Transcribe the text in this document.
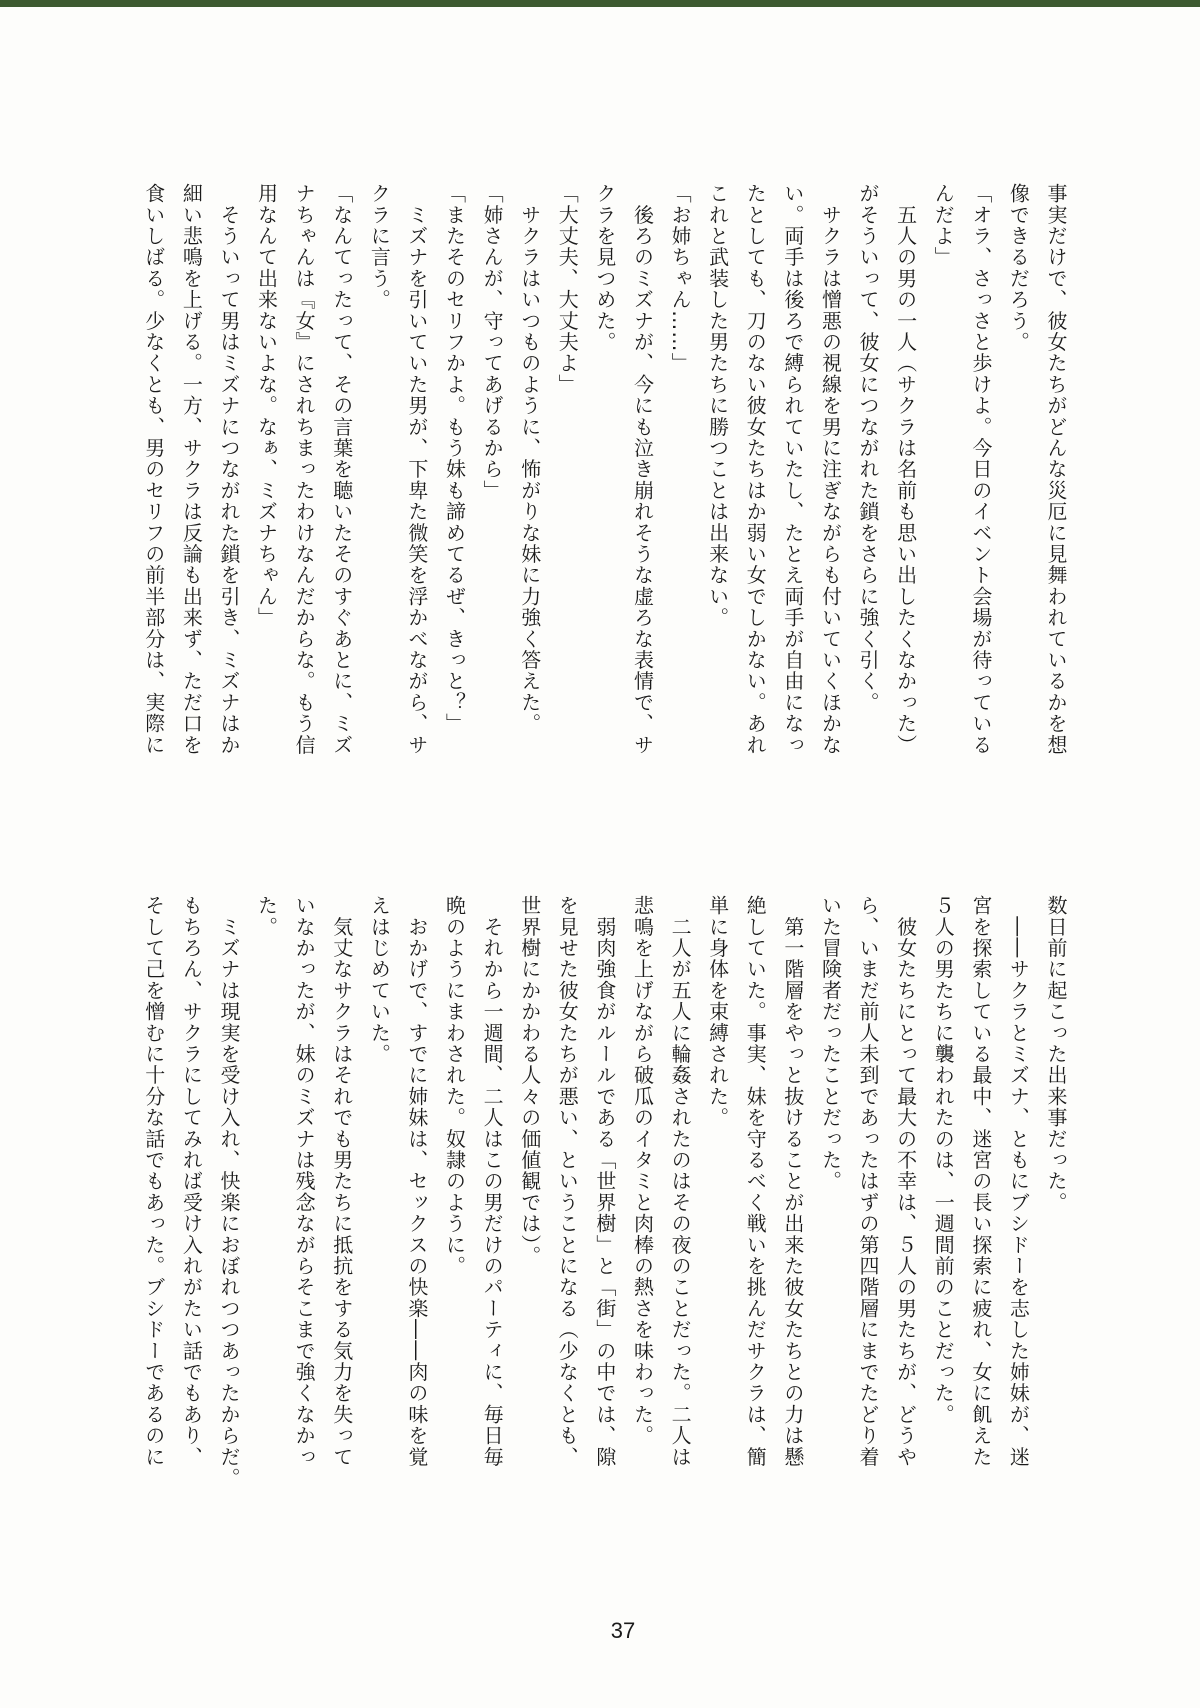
事実だけで、彼女たちがどんな災厄に見舞われているかを想
像できるだろう。
「オラ、さっさと歩けよ。今日のイベント会場が待っている
んだよ」
　五人の男の一人（サクラは名前も思い出したくなかった）
がそういって、彼女につながれた鎖をさらに強く引く。
　サクラは憎悪の視線を男に注ぎながらも付いていくほかな
い。両手は後ろで縛られていたし、たとえ両手が自由になっ
たとしても、刀のない彼女たちはか弱い女でしかない。あれ
これと武装した男たちに勝つことは出来ない。
「お姉ちゃん……」
　後ろのミズナが、今にも泣き崩れそうな虚ろな表情で、サ
クラを見つめた。
「大丈夫、大丈夫よ」
　サクラはいつものように、怖がりな妹に力強く答えた。
「姉さんが、守ってあげるから」
「またそのセリフかよ。もう妹も諦めてるぜ、きっと？」
　ミズナを引いていた男が、下卑た微笑を浮かべながら、サ
クラに言う。
「なんてったって、その言葉を聴いたそのすぐあとに、ミズ
ナちゃんは『女』にされちまったわけなんだからな。もう信
用なんて出来ないよな。なぁ、ミズナちゃん」
　そういって男はミズナにつながれた鎖を引き、ミズナはか
細い悲鳴を上げる。一方、サクラは反論も出来ず、ただ口を
食いしばる。少なくとも、男のセリフの前半部分は、実際に
数日前に起こった出来事だった。
　――サクラとミズナ、ともにブシドーを志した姉妹が、迷
宮を探索している最中、迷宮の長い探索に疲れ、女に飢えた
５人の男たちに襲われたのは、一週間前のことだった。
　彼女たちにとって最大の不幸は、５人の男たちが、どうや
ら、いまだ前人未到であったはずの第四階層にまでたどり着
いた冒険者だったことだった。
　第一階層をやっと抜けることが出来た彼女たちとの力は懸
絶していた。事実、妹を守るべく戦いを挑んだサクラは、簡
単に身体を束縛された。
　二人が五人に輪姦されたのはその夜のことだった。二人は
悲鳴を上げながら破瓜のイタミと肉棒の熱さを味わった。
　弱肉強食がルールである「世界樹」と「街」の中では、隙
を見せた彼女たちが悪い、ということになる（少なくとも、
世界樹にかかわる人々の価値観では）。
　それから一週間、二人はこの男だけのパーティに、毎日毎
晩のようにまわされた。奴隷のように。
　おかげで、すでに姉妹は、セックスの快楽――肉の味を覚
えはじめていた。
　気丈なサクラはそれでも男たちに抵抗をする気力を失って
いなかったが、妹のミズナは残念ながらそこまで強くなかっ
た。
　ミズナは現実を受け入れ、快楽におぼれつつあったからだ。
もちろん、サクラにしてみれば受け入れがたい話でもあり、
そして己を憎むに十分な話でもあった。ブシドーであるのに
37
